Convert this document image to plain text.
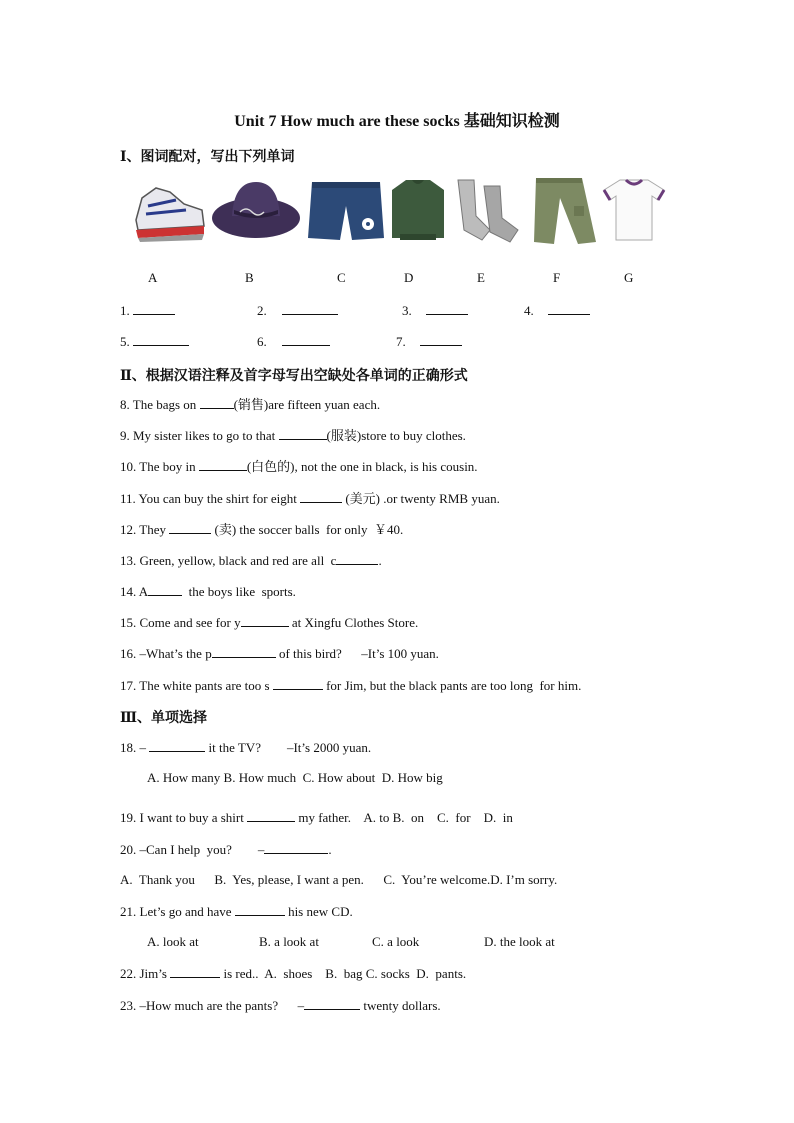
Unit 7 How much are these socks 基础知识检测
Ⅰ、图词配对，写出下列单词
A	B	C	D	E	F	G
1.	2.	3.	4.
5.	6.	7.
Ⅱ、根据汉语注释及首字母写出空缺处各单词的正确形式
8. The bags on	(销售)are fifteen yuan each.
9. My sister likes to go to that	(服装)store to buy clothes.
10. The boy in	(白色的), not the one in black, is his cousin.
11. You can buy the shirt for eight	(美元) .or twenty RMB yuan.
12. They	(卖) the soccer balls  for only  ￥40.
13. Green, yellow, black and red are all  c	.
14. A	the boys like  sports.
15. Come and see for y	at Xingfu Clothes Store.
16. –What’s the p	of this bird?      –It’s 100 yuan.
17. The white pants are too s	for Jim, but the black pants are too long  for him.
Ⅲ、单项选择
18. –	it the TV?        –It’s 2000 yuan.
A. How many B. How much  C. How about  D. How big
19. I want to buy a shirt	my father.    A. to B.  on    C.  for    D.  in
20. –Can I help  you?        –	.
A.  Thank you      B.  Yes, please, I want a pen.      C.  You’re welcome.D. I’m sorry.
21. Let’s go and have	his new CD.
A. look at	B. a look at	C. a look	D. the look at
22. Jim’s	is red..  A.  shoes    B.  bag C. socks  D.  pants.
23. –How much are the pants?      –	twenty dollars.
